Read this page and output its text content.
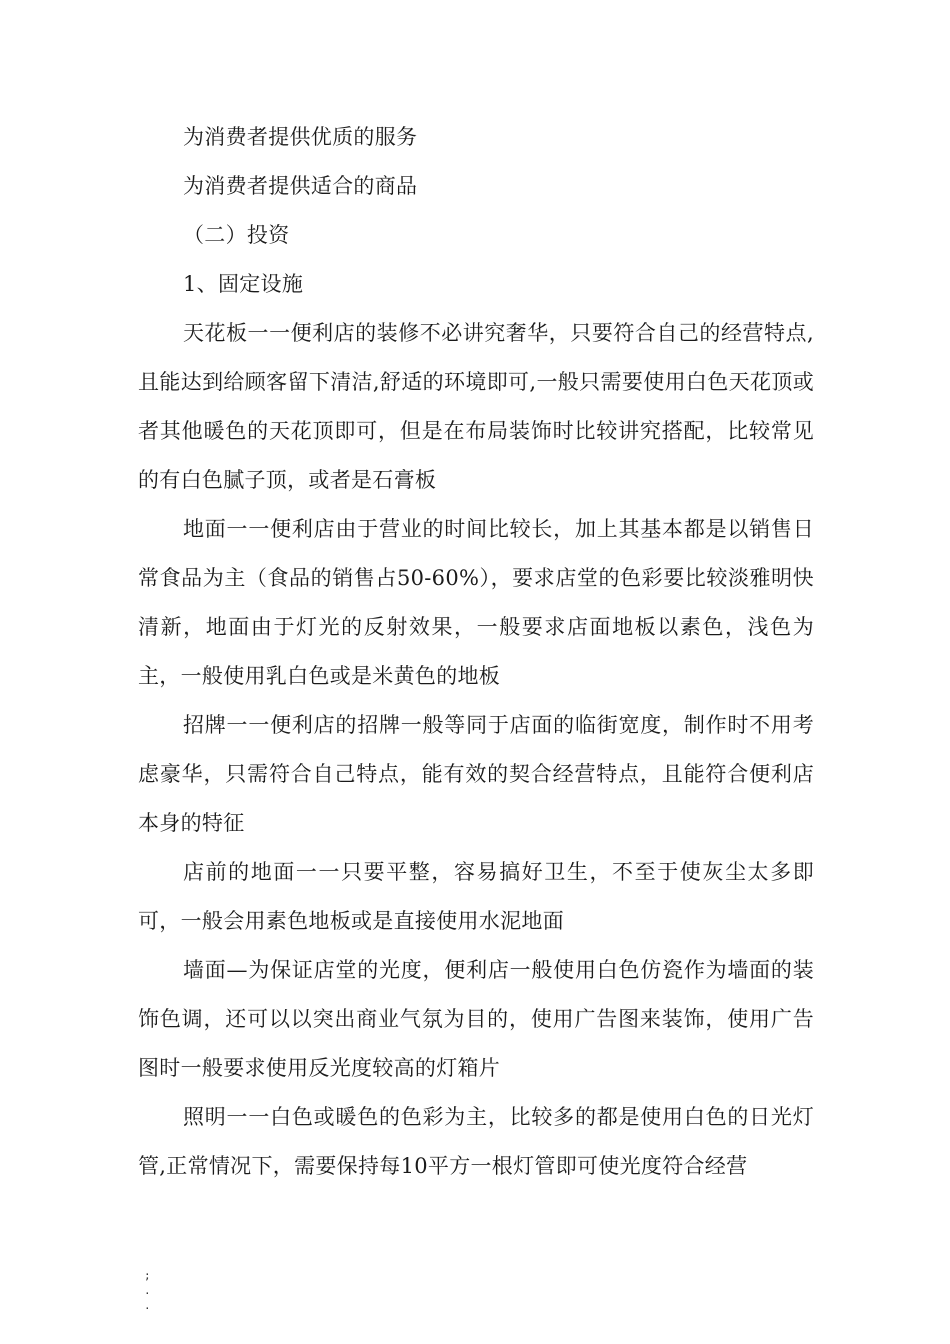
为消费者提供优质的服务

为消费者提供适合的商品

（二）投资

1、固定设施

天花板一一便利店的装修不必讲究奢华，只要符合自己的经营特点,且能达到给顾客留下清洁,舒适的环境即可,一般只需要使用白色天花顶或者其他暖色的天花顶即可，但是在布局装饰时比较讲究搭配，比较常见的有白色腻子顶，或者是石膏板

地面一一便利店由于营业的时间比较长，加上其基本都是以销售日常食品为主（食品的销售占50-60%），要求店堂的色彩要比较淡雅明快清新，地面由于灯光的反射效果，一般要求店面地板以素色，浅色为主，一般使用乳白色或是米黄色的地板

招牌一一便利店的招牌一般等同于店面的临街宽度，制作时不用考虑豪华，只需符合自己特点，能有效的契合经营特点，且能符合便利店本身的特征

店前的地面一一只要平整，容易搞好卫生，不至于使灰尘太多即可，一般会用素色地板或是直接使用水泥地面

墙面—为保证店堂的光度，便利店一般使用白色仿瓷作为墙面的装饰色调，还可以以突出商业气氛为目的，使用广告图来装饰，使用广告图时一般要求使用反光度较高的灯箱片

照明一一白色或暖色的色彩为主，比较多的都是使用白色的日光灯管,正常情况下，需要保持每10平方一根灯管即可使光度符合经营

;
.
.
